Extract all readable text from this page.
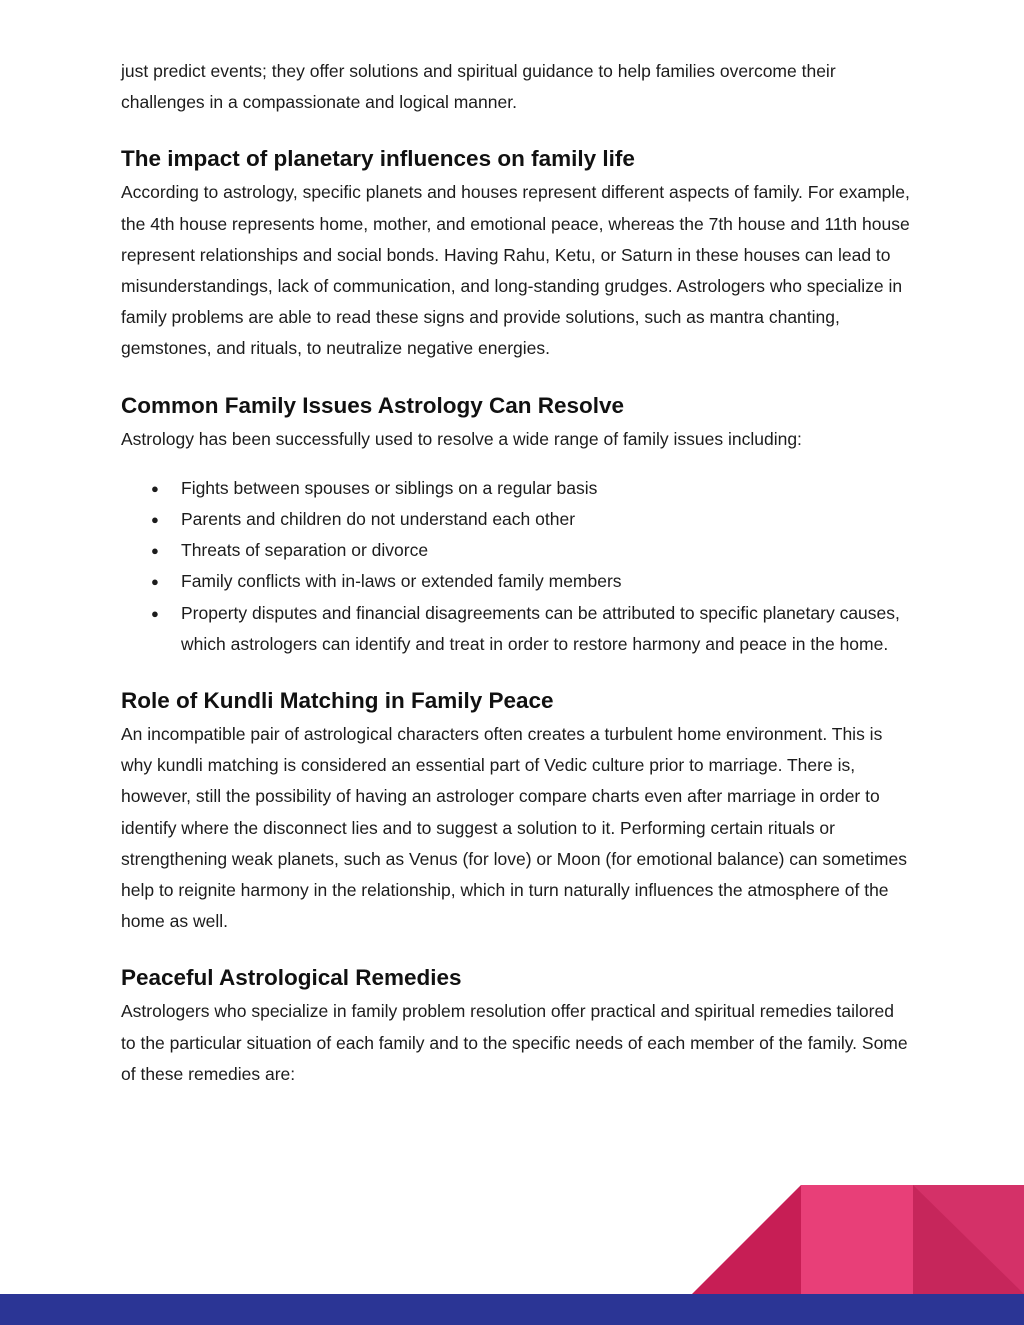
just predict events; they offer solutions and spiritual guidance to help families overcome their challenges in a compassionate and logical manner.

The impact of planetary influences on family life

According to astrology, specific planets and houses represent different aspects of family. For example, the 4th house represents home, mother, and emotional peace, whereas the 7th house and 11th house represent relationships and social bonds. Having Rahu, Ketu, or Saturn in these houses can lead to misunderstandings, lack of communication, and long-standing grudges. Astrologers who specialize in family problems are able to read these signs and provide solutions, such as mantra chanting, gemstones, and rituals, to neutralize negative energies.

Common Family Issues Astrology Can Resolve

Astrology has been successfully used to resolve a wide range of family issues including:

● Fights between spouses or siblings on a regular basis
● Parents and children do not understand each other
● Threats of separation or divorce
● Family conflicts with in-laws or extended family members
● Property disputes and financial disagreements can be attributed to specific planetary causes, which astrologers can identify and treat in order to restore harmony and peace in the home.
Role of Kundli Matching in Family Peace

An incompatible pair of astrological characters often creates a turbulent home environment. This is why kundli matching is considered an essential part of Vedic culture prior to marriage. There is, however, still the possibility of having an astrologer compare charts even after marriage in order to identify where the disconnect lies and to suggest a solution to it. Performing certain rituals or strengthening weak planets, such as Venus (for love) or Moon (for emotional balance) can sometimes help to reignite harmony in the relationship, which in turn naturally influences the atmosphere of the home as well.

Peaceful Astrological Remedies

Astrologers who specialize in family problem resolution offer practical and spiritual remedies tailored to the particular situation of each family and to the specific needs of each member of the family. Some of these remedies are:
